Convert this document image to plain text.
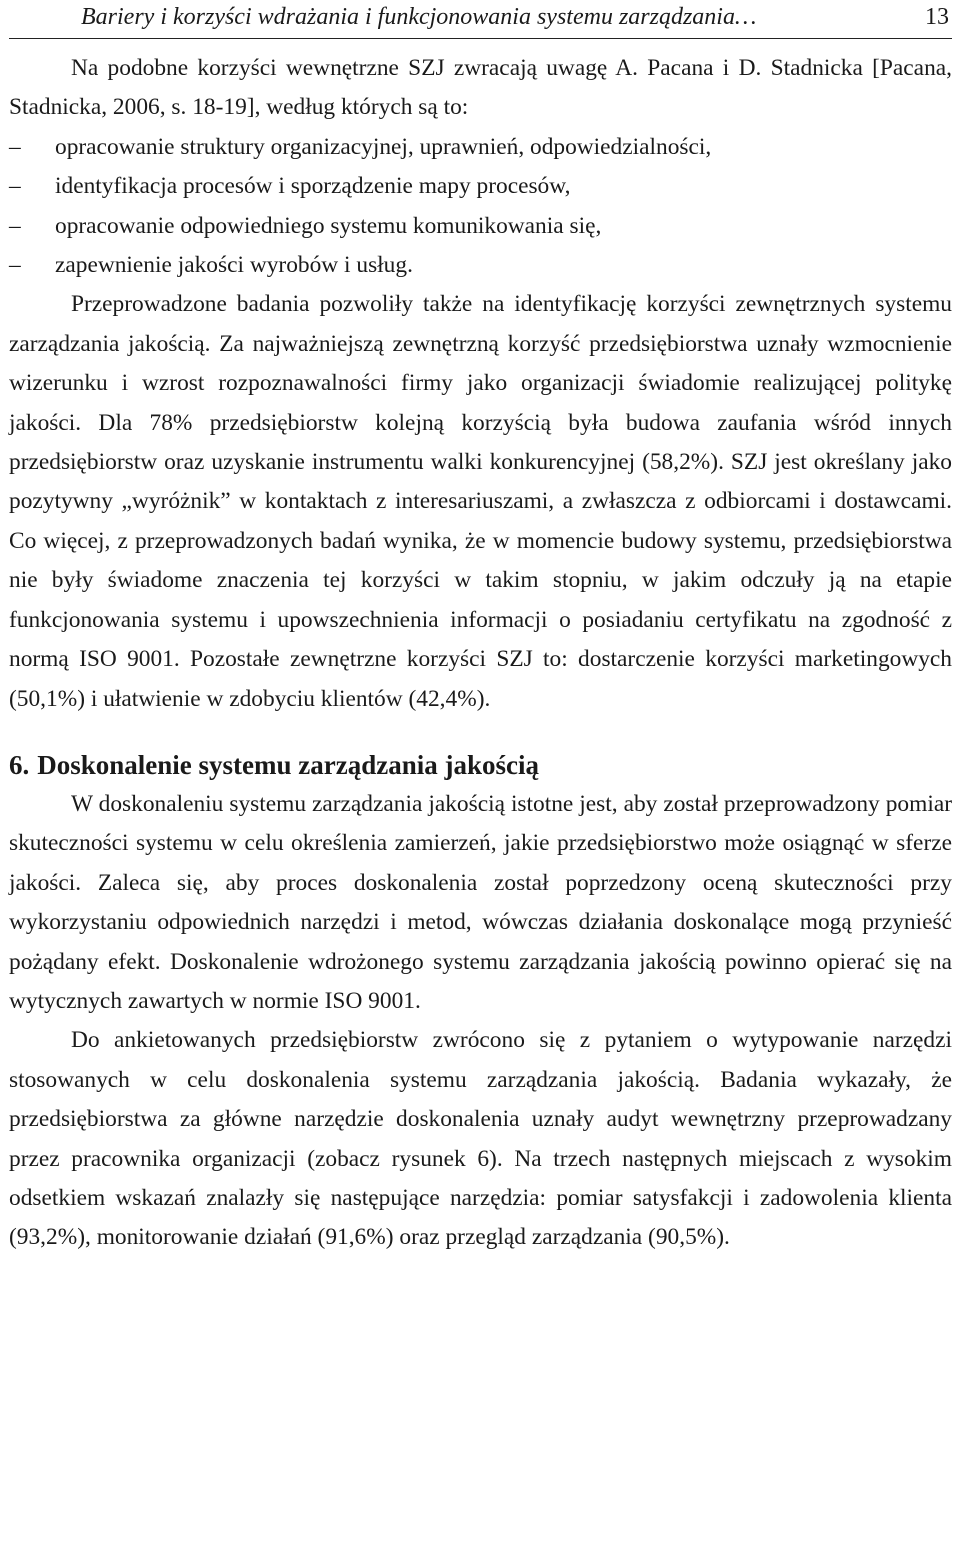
Bariery i korzyści wdrażania i funkcjonowania systemu zarządzania…	13

Na podobne korzyści wewnętrzne SZJ zwracają uwagę A. Pacana i D. Stadnicka [Pacana, Stadnicka, 2006, s. 18-19], według których są to:

– opracowanie struktury organizacyjnej, uprawnień, odpowiedzialności,
– identyfikacja procesów i sporządzenie mapy procesów,
– opracowanie odpowiedniego systemu komunikowania się,
– zapewnienie jakości wyrobów i usług.

Przeprowadzone badania pozwoliły także na identyfikację korzyści zewnętrznych systemu zarządzania jakością. Za najważniejszą zewnętrzną korzyść przedsiębiorstwa uznały wzmocnienie wizerunku i wzrost rozpoznawalności firmy jako organizacji świadomie realizującej politykę jakości. Dla 78% przedsiębiorstw kolejną korzyścią była budowa zaufania wśród innych przedsiębiorstw oraz uzyskanie instrumentu walki konkurencyjnej (58,2%). SZJ jest określany jako pozytywny „wyróżnik” w kontaktach z interesariuszami, a zwłaszcza z odbiorcami i dostawcami. Co więcej, z przeprowadzonych badań wynika, że w momencie budowy systemu, przedsiębiorstwa nie były świadome znaczenia tej korzyści w takim stopniu, w jakim odczuły ją na etapie funkcjonowania systemu i upowszechnienia informacji o posiadaniu certyfikatu na zgodność z normą ISO 9001. Pozostałe zewnętrzne korzyści SZJ to: dostarczenie korzyści marketingowych (50,1%) i ułatwienie w zdobyciu klientów (42,4%).

6. Doskonalenie systemu zarządzania jakością

W doskonaleniu systemu zarządzania jakością istotne jest, aby został przeprowadzony pomiar skuteczności systemu w celu określenia zamierzeń, jakie przedsiębiorstwo może osiągnąć w sferze jakości. Zaleca się, aby proces doskonalenia został poprzedzony oceną skuteczności przy wykorzystaniu odpowiednich narzędzi i metod, wówczas działania doskonalące mogą przynieść pożądany efekt. Doskonalenie wdrożonego systemu zarządzania jakością powinno opierać się na wytycznych zawartych w normie ISO 9001.

Do ankietowanych przedsiębiorstw zwrócono się z pytaniem o wytypowanie narzędzi stosowanych w celu doskonalenia systemu zarządzania jakością. Badania wykazały, że przedsiębiorstwa za główne narzędzie doskonalenia uznały audyt wewnętrzny przeprowadzany przez pracownika organizacji (zobacz rysunek 6). Na trzech następnych miejscach z wysokim odsetkiem wskazań znalazły się następujące narzędzia: pomiar satysfakcji i zadowolenia klienta (93,2%), monitorowanie działań (91,6%) oraz przegląd zarządzania (90,5%).
